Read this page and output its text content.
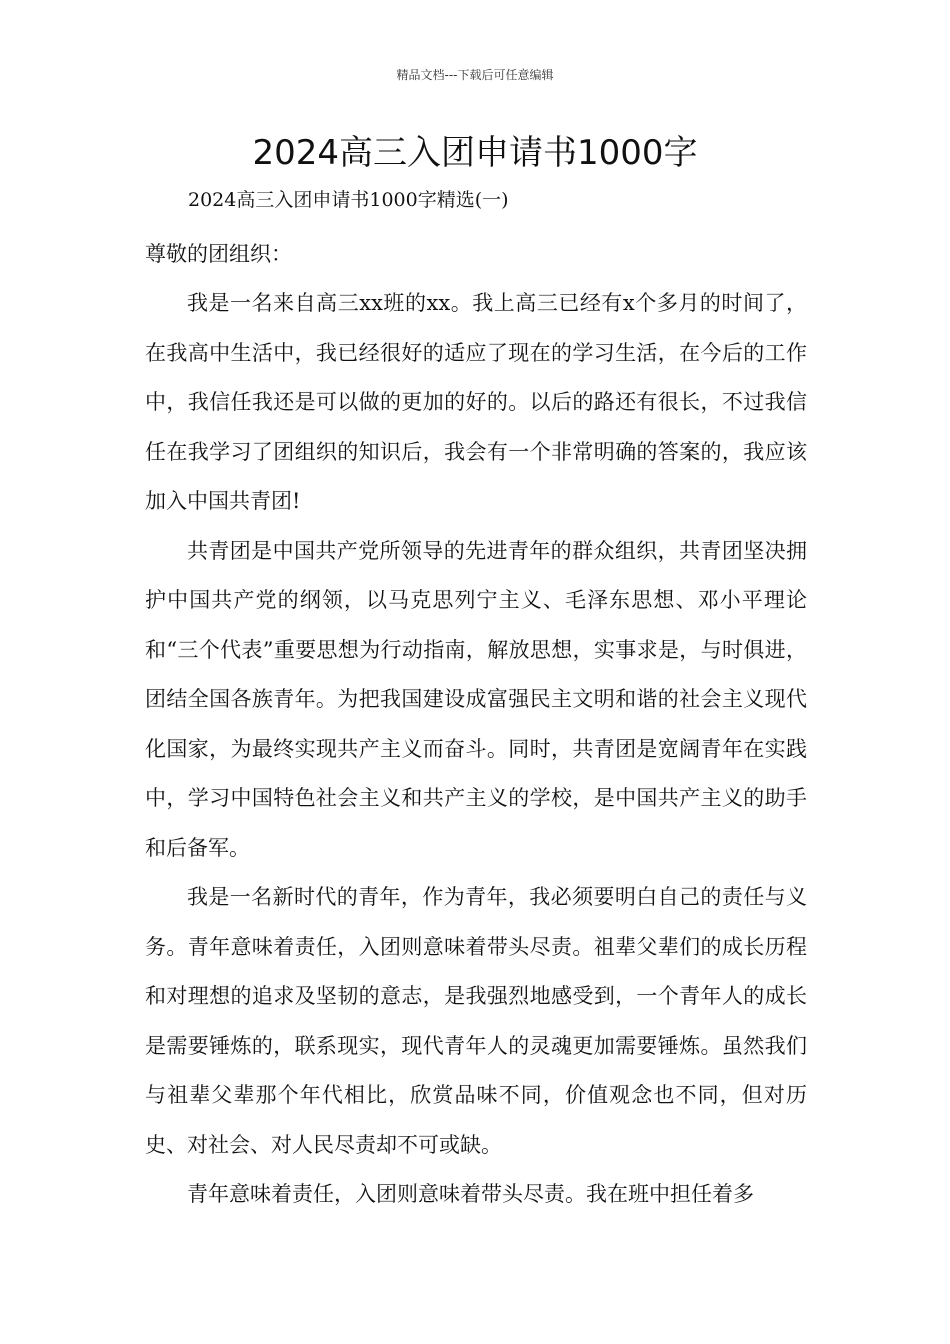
精品文档---下载后可任意编辑
2024高三入团申请书1000字
2024高三入团申请书1000字精选(一)
尊敬的团组织：

我是一名来自高三xx班的xx。我上高三已经有x个多月的时间了，在我高中生活中，我已经很好的适应了现在的学习生活，在今后的工作中，我信任我还是可以做的更加的好的。以后的路还有很长，不过我信任在我学习了团组织的知识后，我会有一个非常明确的答案的，我应该加入中国共青团!

共青团是中国共产党所领导的先进青年的群众组织，共青团坚决拥护中国共产党的纲领，以马克思列宁主义、毛泽东思想、邓小平理论和“三个代表”重要思想为行动指南，解放思想，实事求是，与时俱进，团结全国各族青年。为把我国建设成富强民主文明和谐的社会主义现代化国家，为最终实现共产主义而奋斗。同时，共青团是宽阔青年在实践中，学习中国特色社会主义和共产主义的学校，是中国共产主义的助手和后备军。

我是一名新时代的青年，作为青年，我必须要明白自己的责任与义务。青年意味着责任，入团则意味着带头尽责。祖辈父辈们的成长历程和对理想的追求及坚韧的意志，是我强烈地感受到，一个青年人的成长是需要锤炼的，联系现实，现代青年人的灵魂更加需要锤炼。虽然我们与祖辈父辈那个年代相比，欣赏品味不同，价值观念也不同，但对历史、对社会、对人民尽责却不可或缺。

青年意味着责任，入团则意味着带头尽责。我在班中担任着多
